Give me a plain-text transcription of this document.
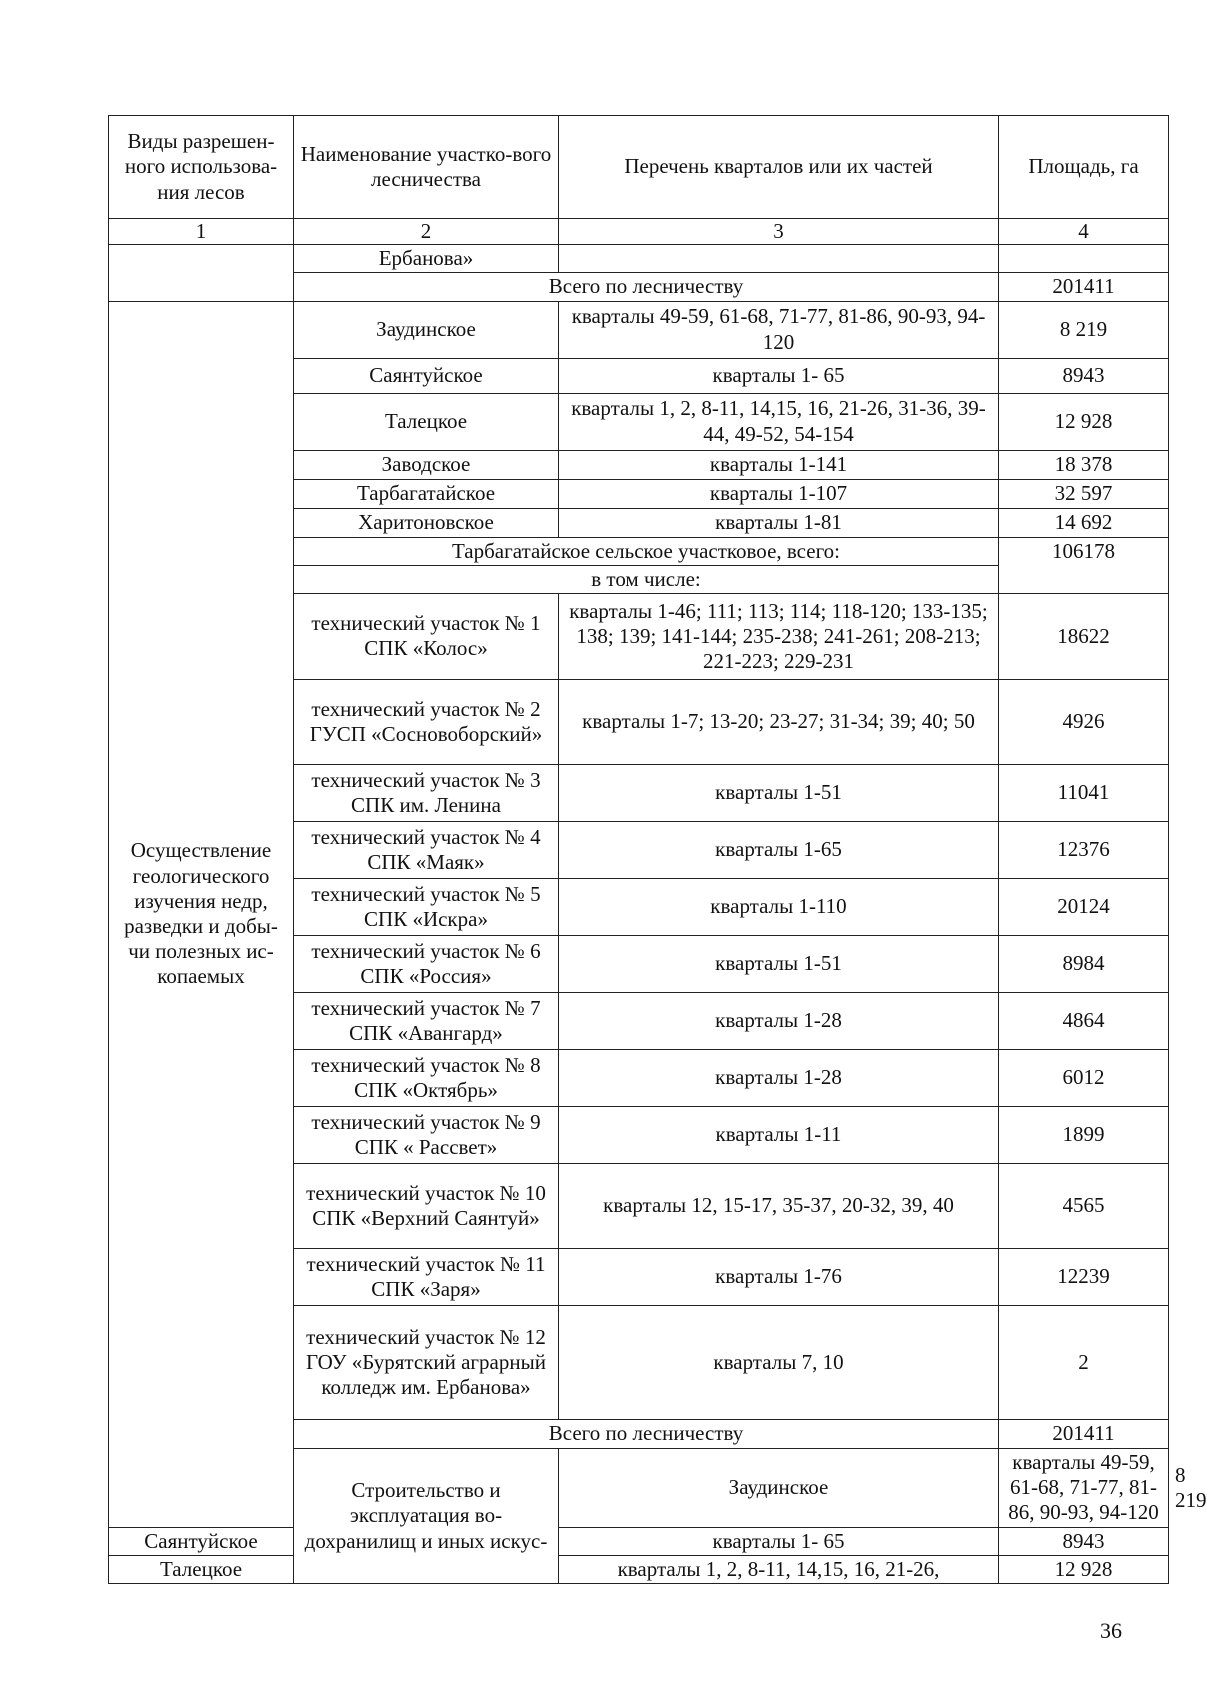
Виды разрешен-ного использова-ния лесов	Наименование участко-вого лесничества	Перечень кварталов или их частей	Площадь, га	
1	2	3	4	
	Ербанова»			
	Всего по лесничеству		201411	
Осуществление геологического изучения недр, разведки и добы-чи полезных ис-копаемых	Заудинское	кварталы 49-59, 61-68, 71-77, 81-86, 90-93, 94-120	8 219	
	Саянтуйское	кварталы 1- 65	8943	
	Талецкое	кварталы 1, 2, 8-11, 14,15, 16, 21-26, 31-36, 39-44, 49-52, 54-154	12 928	
	Заводское	кварталы 1-141	18 378	
	Тарбагатайское	кварталы 1-107	32 597	
	Харитоновское	кварталы 1-81	14 692	
	Тарбагатайское сельское участковое, всего:		106178	
	в том числе:			
	технический участок № 1 СПК «Колос»	кварталы 1-46; 111; 113; 114; 118-120; 133-135; 138; 139; 141-144; 235-238; 241-261; 208-213; 221-223; 229-231	18622	
	технический участок № 2 ГУСП «Сосновоборский»	кварталы 1-7; 13-20; 23-27; 31-34; 39; 40; 50	4926	
	технический участок № 3 СПК им. Ленина	кварталы 1-51	11041	
	технический участок № 4 СПК «Маяк»	кварталы 1-65	12376	
	технический участок № 5 СПК «Искра»	кварталы 1-110	20124	
	технический участок № 6 СПК «Россия»	кварталы 1-51	8984	
	технический участок № 7 СПК «Авангард»	кварталы 1-28	4864	
	технический участок № 8 СПК «Октябрь»	кварталы 1-28	6012	
	технический участок № 9 СПК « Рассвет»	кварталы 1-11	1899	
	технический участок № 10 СПК «Верхний Саянтуй»	кварталы 12, 15-17, 35-37, 20-32, 39, 40	4565	
	технический участок № 11 СПК «Заря»	кварталы 1-76	12239	
	технический участок № 12 ГОУ «Бурятский аграрный колледж им. Ербанова»	кварталы 7, 10	2	
	Всего по лесничеству		201411	
	Строительство и эксплуатация во-дохранилищ и иных искус-	Заудинское	кварталы 49-59, 61-68, 71-77, 81-86, 90-93, 94-120	8 219
Саянтуйское		кварталы 1- 65	8943	
Талецкое		кварталы 1, 2, 8-11, 14,15, 16, 21-26,	12 928	
36
